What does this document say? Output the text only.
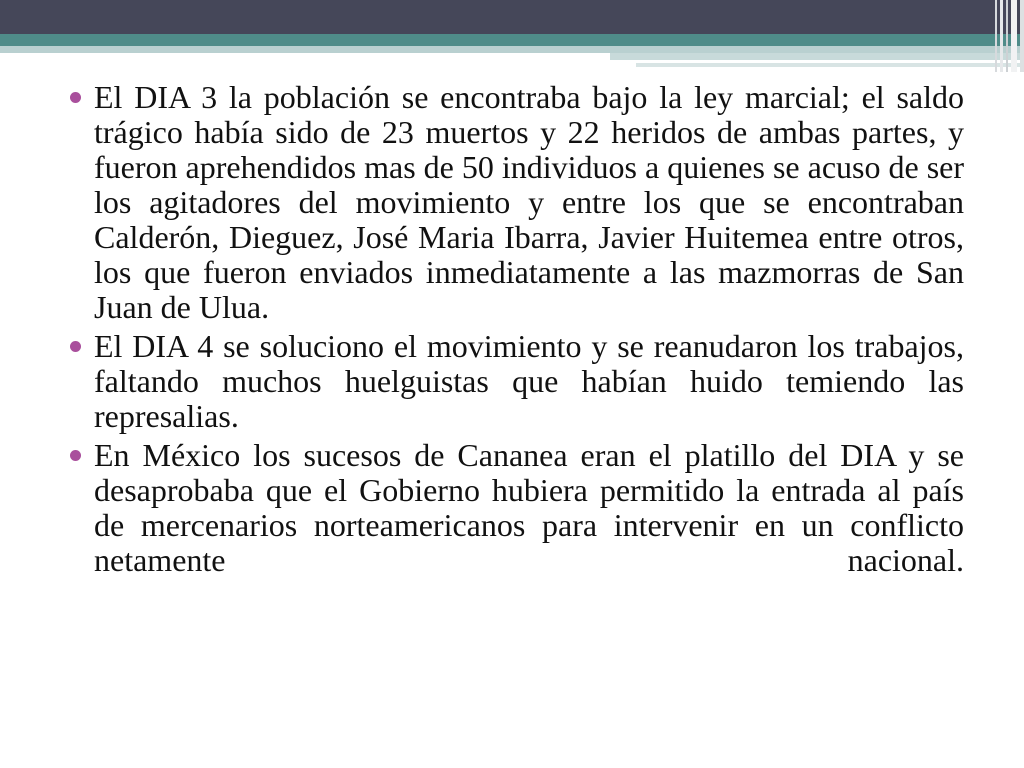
El DIA 3 la población se encontraba bajo la ley marcial; el saldo trágico había sido de 23 muertos y 22 heridos de ambas partes, y fueron aprehendidos mas de 50 individuos a quienes se acuso de ser los agitadores del movimiento y entre los que se encontraban Calderón, Dieguez, José Maria Ibarra, Javier Huitemea entre otros, los que fueron enviados inmediatamente a las mazmorras de San Juan de Ulua.
El DIA 4 se soluciono el movimiento y se reanudaron los trabajos, faltando muchos huelguistas que habían huido temiendo las represalias.
En México los sucesos de Cananea eran el platillo del DIA y se desaprobaba que el Gobierno hubiera permitido la entrada al país de mercenarios norteamericanos para intervenir en un conflicto netamente nacional.
